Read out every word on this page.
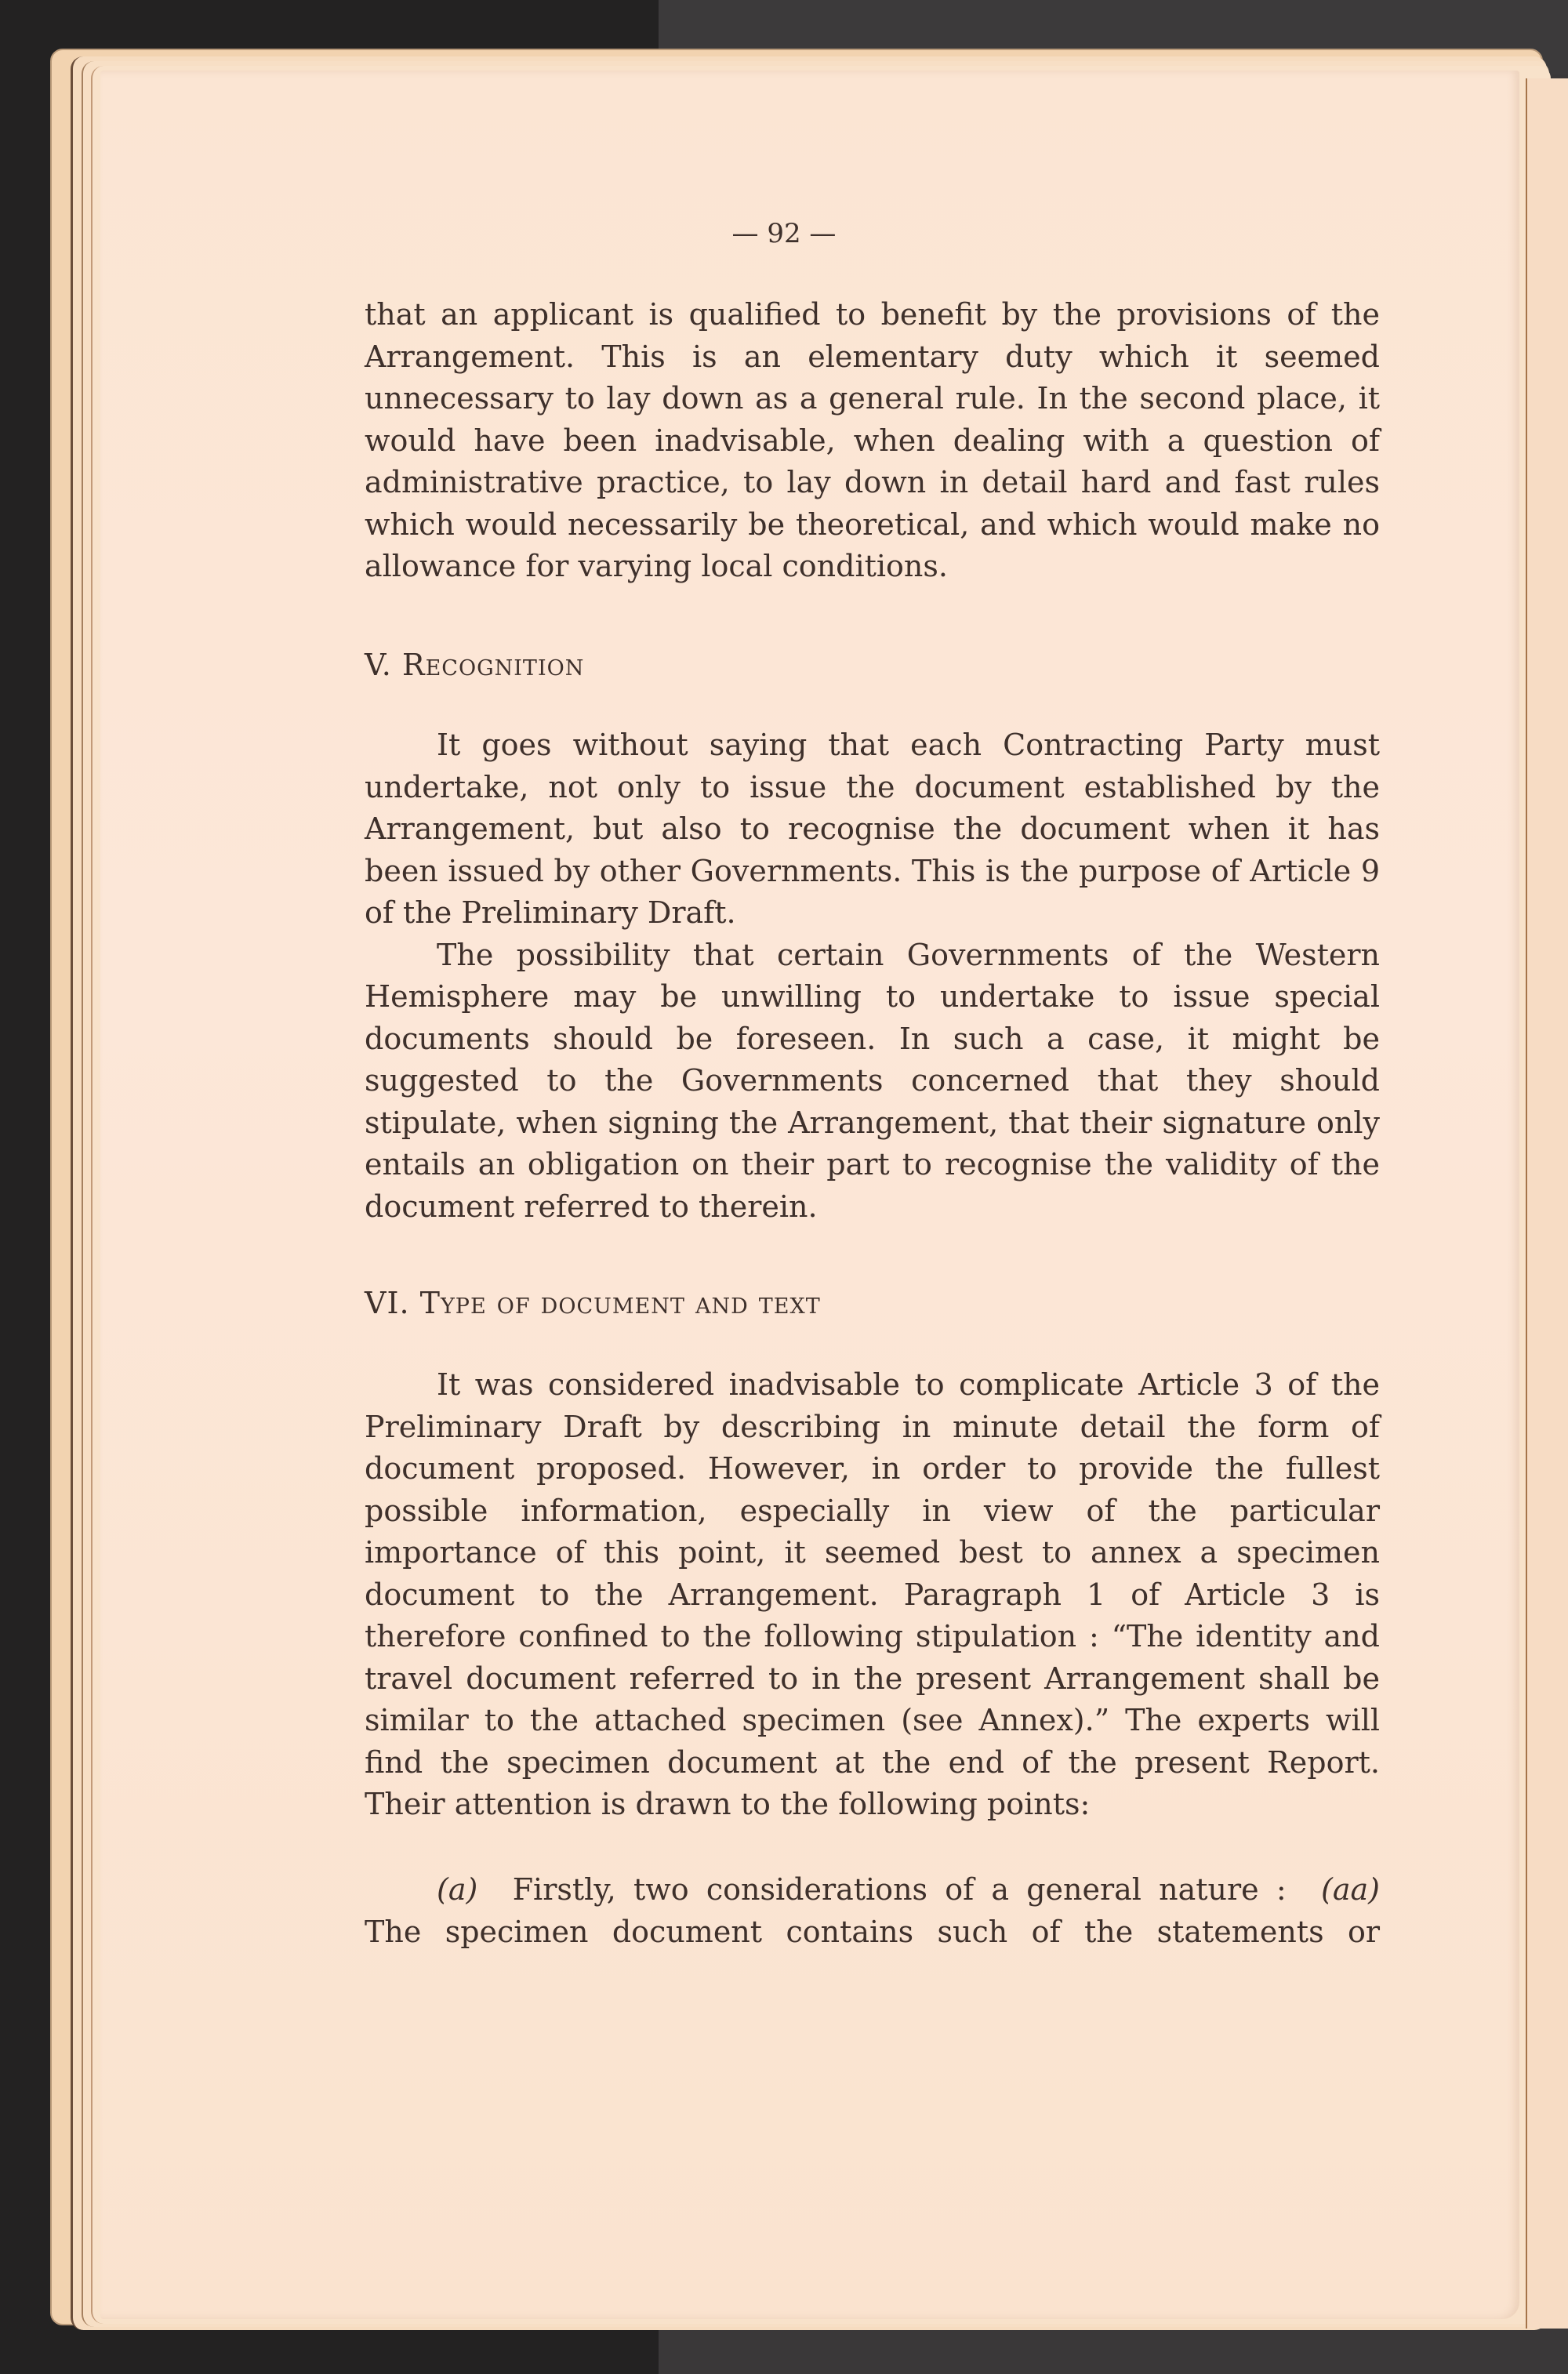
— 92 —

that an applicant is qualified to benefit by the provisions of the Arrangement. This is an elementary duty which it seemed unnecessary to lay down as a general rule. In the second place, it would have been inadvisable, when dealing with a question of administrative practice, to lay down in detail hard and fast rules which would necessarily be theoretical, and which would make no allowance for varying local conditions.

V. Recognition

It goes without saying that each Contracting Party must undertake, not only to issue the document established by the Arrangement, but also to recognise the document when it has been issued by other Governments. This is the purpose of Article 9 of the Preliminary Draft.

The possibility that certain Governments of the Western Hemisphere may be unwilling to undertake to issue special documents should be foreseen. In such a case, it might be suggested to the Governments concerned that they should stipulate, when signing the Arrangement, that their signature only entails an obligation on their part to recognise the validity of the document referred to therein.

VI. Type of document and text

It was considered inadvisable to complicate Article 3 of the Preliminary Draft by describing in minute detail the form of document proposed. However, in order to provide the fullest possible information, especially in view of the particular importance of this point, it seemed best to annex a specimen document to the Arrangement. Paragraph 1 of Article 3 is therefore confined to the following stipulation : “The identity and travel document referred to in the present Arrangement shall be similar to the attached specimen (see Annex).” The experts will find the specimen document at the end of the present Report. Their attention is drawn to the following points:

(a) Firstly, two considerations of a general nature : (aa)

The specimen document contains such of the statements or
